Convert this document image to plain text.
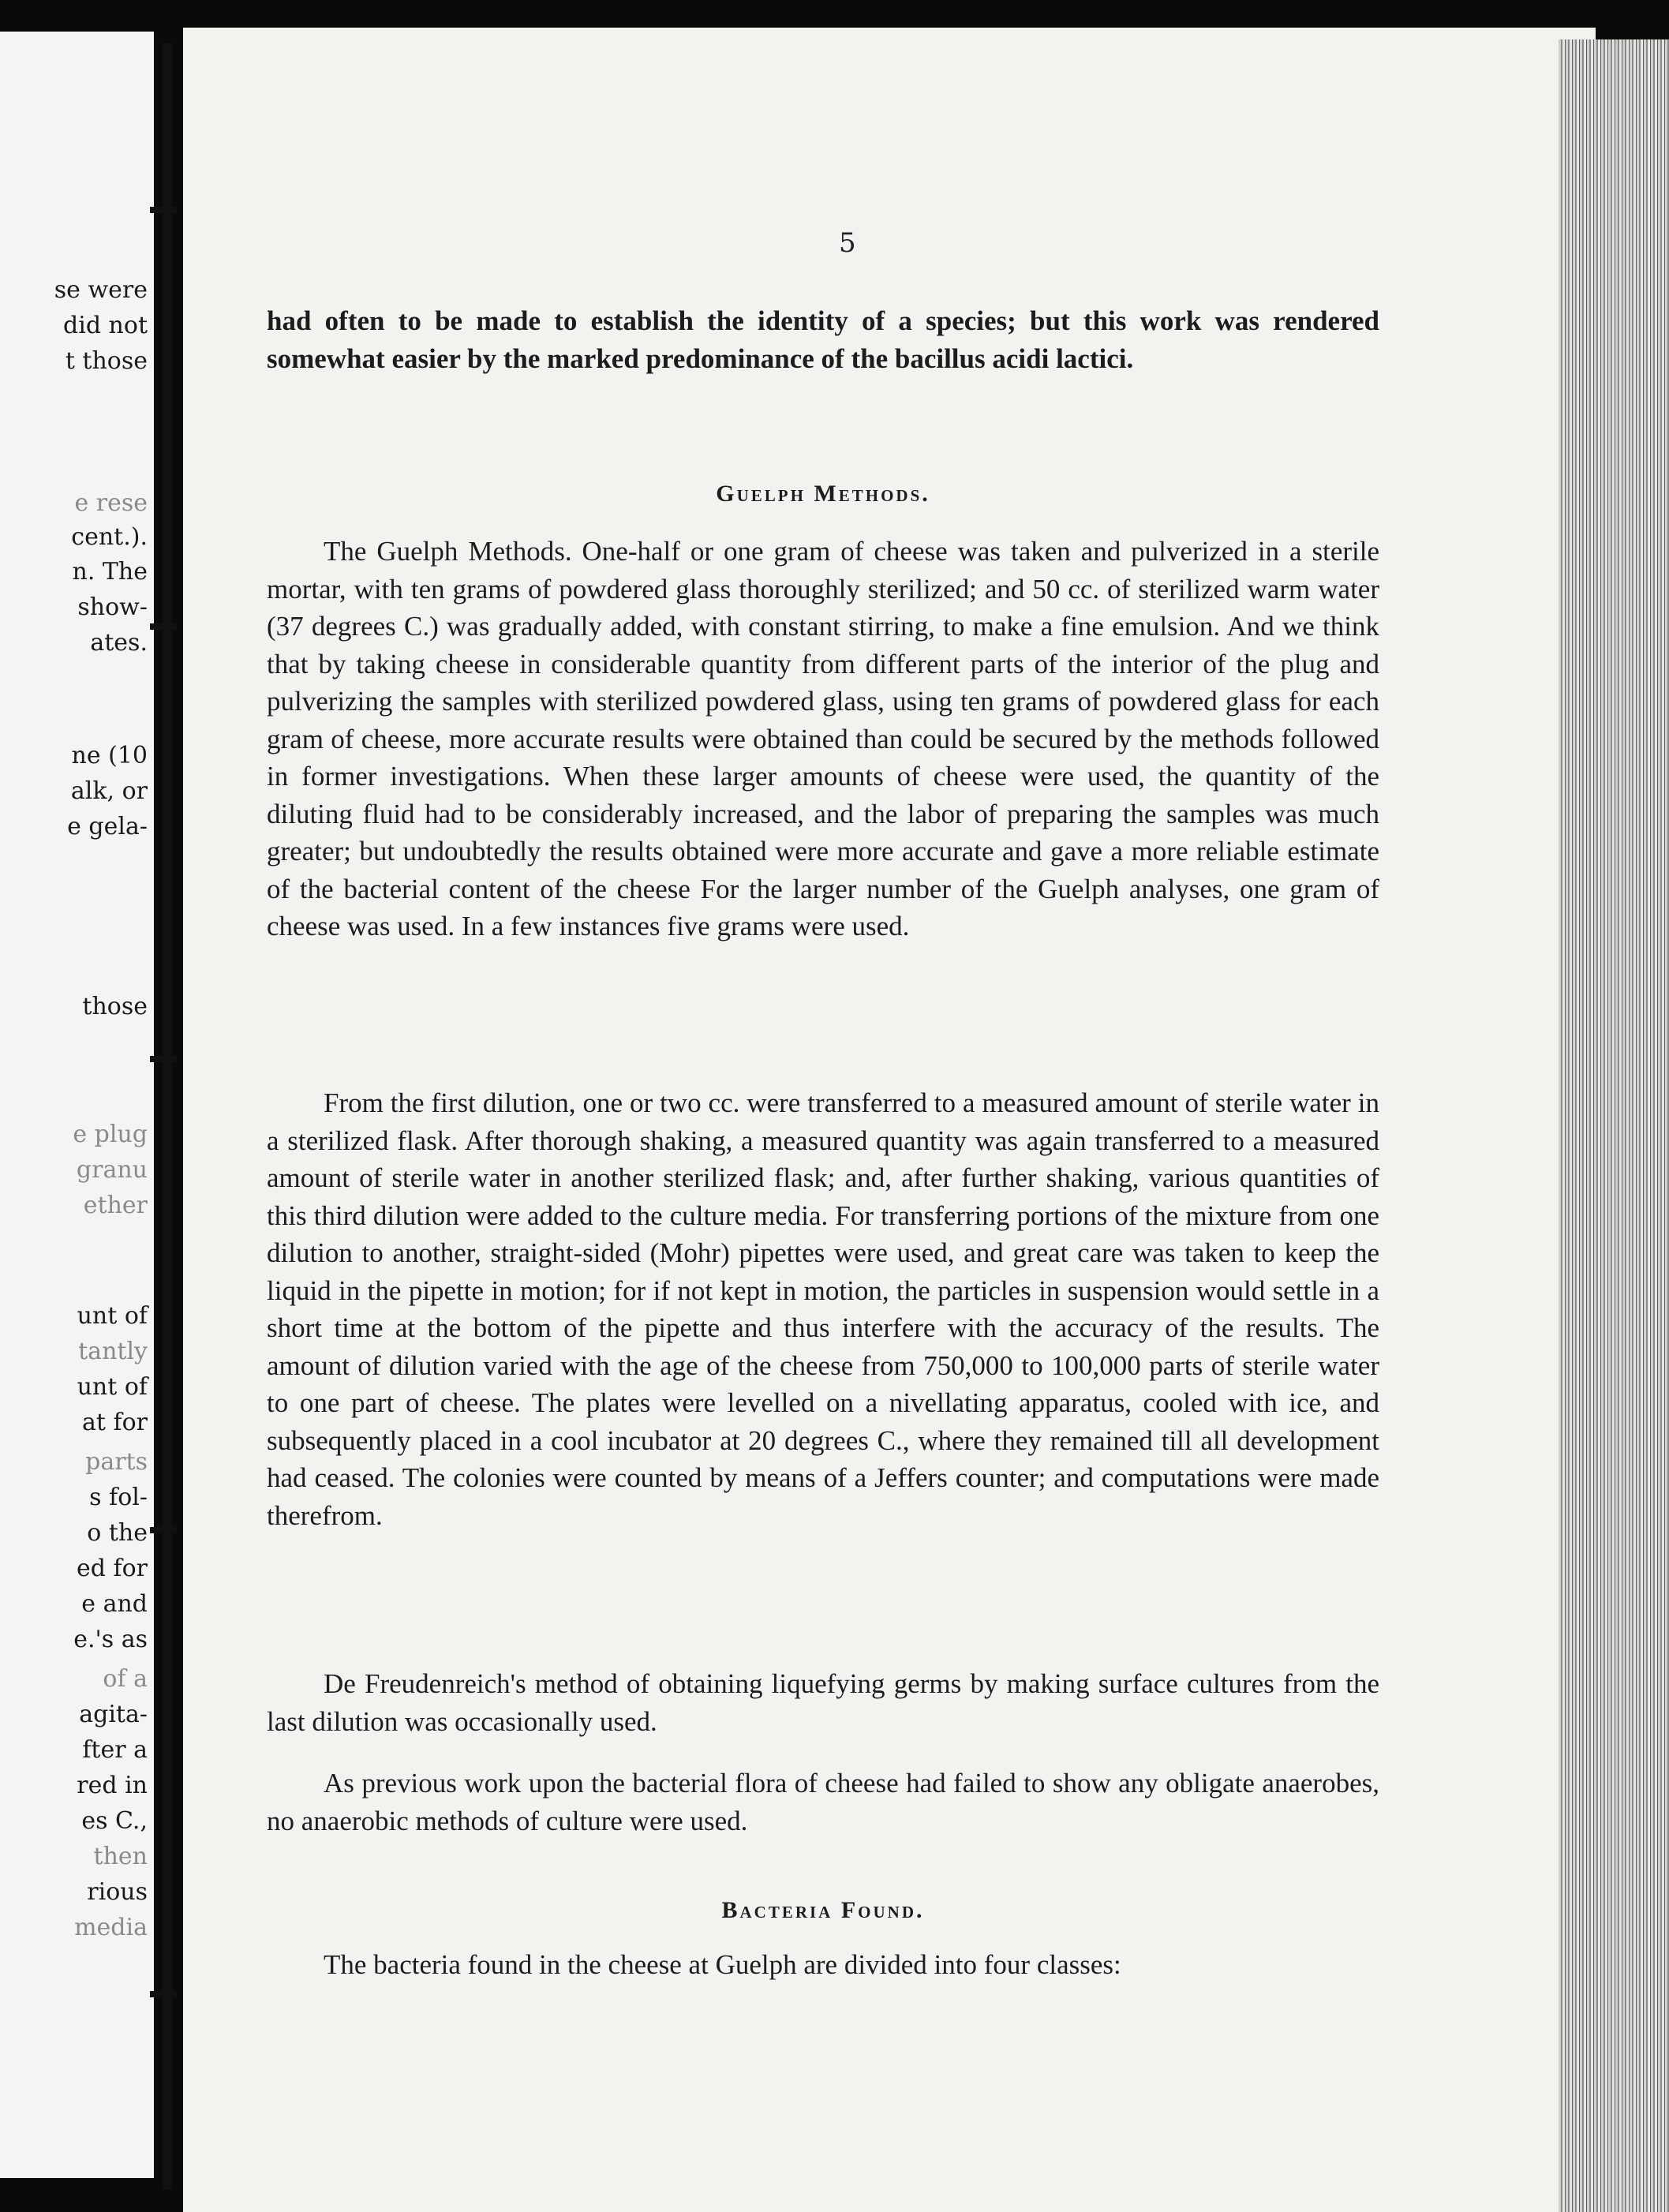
se were

did not

t those

e rese

cent.).

n. The

show-

ates.

ne (10

alk, or

e gela-

those

e plug

granu

ether

unt of

tantly

unt of

at for

parts

s fol-

o the

ed for

e and

e.'s as

of a

agita-

fter a

red in

es C.,

then

rious

media

5

had often to be made to establish the identity of a species; but this work was rendered somewhat easier by the marked predominance of the bacillus acidi lactici.

Guelph Methods.

The Guelph Methods. One-half or one gram of cheese was taken and pulverized in a sterile mortar, with ten grams of powdered glass thoroughly sterilized; and 50 cc. of sterilized warm water (37 degrees C.) was gradually added, with constant stirring, to make a fine emulsion. And we think that by taking cheese in considerable quantity from different parts of the interior of the plug and pulverizing the samples with sterilized powdered glass, using ten grams of powdered glass for each gram of cheese, more accurate results were obtained than could be secured by the methods followed in former investigations. When these larger amounts of cheese were used, the quantity of the diluting fluid had to be considerably increased, and the labor of preparing the samples was much greater; but undoubtedly the results obtained were more accurate and gave a more reliable estimate of the bacterial content of the cheese For the larger number of the Guelph analyses, one gram of cheese was used. In a few instances five grams were used.

From the first dilution, one or two cc. were transferred to a measured amount of sterile water in a sterilized flask. After thorough shaking, a measured quantity was again transferred to a measured amount of sterile water in another sterilized flask; and, after further shaking, various quantities of this third dilution were added to the culture media. For transferring portions of the mixture from one dilution to another, straight-sided (Mohr) pipettes were used, and great care was taken to keep the liquid in the pipette in motion; for if not kept in motion, the particles in suspension would settle in a short time at the bottom of the pipette and thus interfere with the accuracy of the results. The amount of dilution varied with the age of the cheese from 750,000 to 100,000 parts of sterile water to one part of cheese. The plates were levelled on a nivellating apparatus, cooled with ice, and subsequently placed in a cool incubator at 20 degrees C., where they remained till all development had ceased. The colonies were counted by means of a Jeffers counter; and computations were made therefrom.

De Freudenreich's method of obtaining liquefying germs by making surface cultures from the last dilution was occasionally used.

As previous work upon the bacterial flora of cheese had failed to show any obligate anaerobes, no anaerobic methods of culture were used.

Bacteria Found.

The bacteria found in the cheese at Guelph are divided into four classes:
